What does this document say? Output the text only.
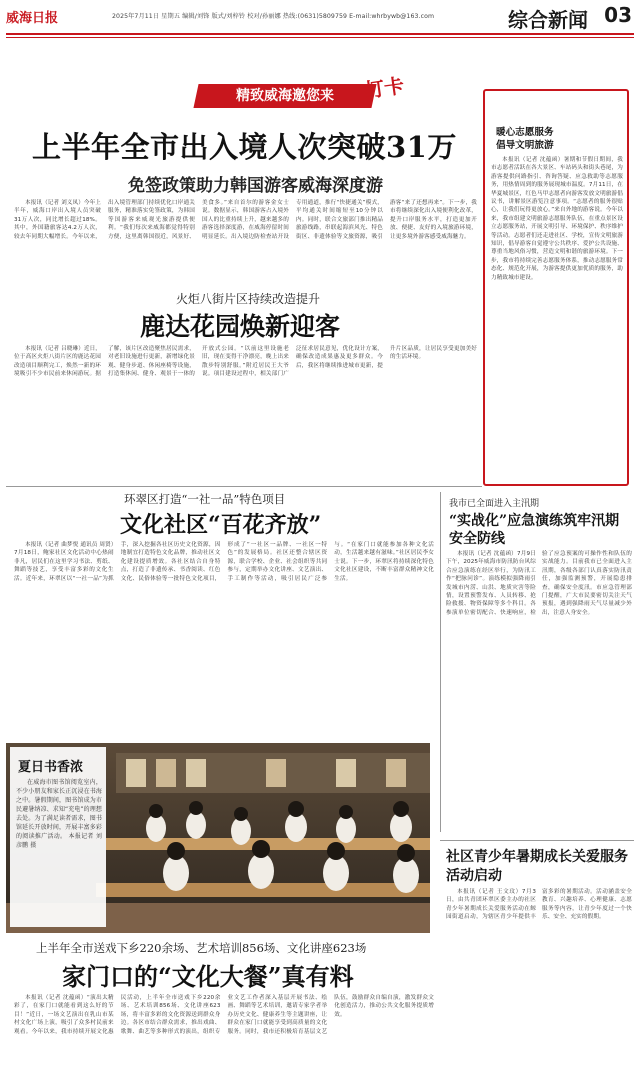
威海日报	2025年7月11日 星期五 编辑/刘锋 版式/刘梓铃 校对/孙丽娜 热线:(0631)5809759 E-mail:whrbywb@163.com	综合新闻 03
精致威海邀您来	打卡
上半年全市出入境人次突破31万
免签政策助力韩国游客威海深度游

本报讯（记者 刘义凤）今年上半年，威海口岸出入境人员突破31万人次，同比增长超过18%。其中，外国籍旅客达4.2万人次，较去年同期大幅增长。今年以来，出入境管理部门持续优化口岸通关服务，精准落实免签政策，为韩国等国游客来威观光旅游提供便利。“我们每次来威海都觉得特别方便，这里离韩国很近，风景好、美食多。”来自首尔的游客金女士说。数据显示，韩国游客占入境外国人的比重持续上升，越来越多的游客选择深度游，在威海停留时间明显延长。出入境边防检查站开设专用通道，推行“快捷通关”模式，平均通关时间缩短至10分钟以内。同时，联合文旅部门推出精品旅游线路，串联起海滨风光、特色街区、非遗体验等文旅资源，吸引游客“来了还想再来”。下一步，我市将继续深化出入境便利化改革，提升口岸服务水平，打造更加开放、便捷、友好的入境旅游环境，让更多境外游客感受威海魅力。

暖心志愿服务
倡导文明旅游

本报讯（记者 沈蕴函）暑期和节假日期间，我市志愿者活跃在各大景区、车站码头和街头巷尾，为游客提供问路指引、咨询答疑、应急救助等志愿服务，用热情周到的服务展现城市温度。7月11日，在华夏城景区，红色马甲志愿者向游客发放文明旅游倡议书，讲解景区游览注意事项。“志愿者的服务很贴心，让我们玩得更放心。”来自外地的游客说。今年以来，我市组建文明旅游志愿服务队伍，在重点景区设立志愿服务站，开展文明引导、环境保护、秩序维护等活动。志愿者们还走进社区、学校，宣传文明旅游知识，倡导游客自觉遵守公共秩序、爱护公共设施、尊重当地风俗习惯，营造文明和谐的旅游环境。下一步，我市将持续完善志愿服务体系，推动志愿服务常态化、规范化开展，为游客提供更加优质的服务，助力精致城市建设。

火炬八街片区持续改造提升
鹿达花园焕新迎客

本报讯（记者 吕晓琳）近日，位于高区火炬八街片区的鹿达花园改造项目顺利完工，焕然一新的环境吸引不少市民前来休闲游玩。据了解，该片区改造聚焦居民需求，对老旧设施进行更新，新增绿化景观、健身步道、休闲座椅等设施，打造集休闲、健身、观景于一体的开放式公园。“以前这里设施老旧，现在变得干净漂亮，晚上出来散步特别舒服。”附近居民王大爷说。项目建设过程中，相关部门广泛征求居民意见，优化设计方案，确保改造成果惠及更多群众。今后，我区将继续推进城市更新，提升片区品质，让居民享受更加美好的生活环境。

环翠区打造“一社一品”特色项目
文化社区“百花齐放”

本报讯（记者 曲梦悦 通讯员 周贤）7月18日，鲍家社区文化活动中心热闹非凡，居民们在这里学习书法、剪纸、舞蹈等技艺，享受丰富多彩的文化生活。近年来，环翠区以“一社一品”为抓手，深入挖掘各社区历史文化资源，因地制宜打造特色文化品牌，推动社区文化建设提质增效。各社区结合自身特点，打造了非遗传承、书香阅读、红色文化、民俗体验等一批特色文化项目，形成了“一社区一品牌、一社区一特色”的发展格局。社区还整合辖区资源，联合学校、企业、社会组织等共同参与，定期举办文化讲座、文艺演出、手工制作等活动，吸引居民广泛参与。“在家门口就能参加各种文化活动，生活越来越有滋味。”社区居民李女士说。下一步，环翠区将持续深化特色文化社区建设，不断丰富群众精神文化生活。

我市已全面进入主汛期
“实战化”应急演练筑牢汛期安全防线

本报讯（记者 沈蕴函）7月9日下午，2025年威海市防汛防台风综合应急演练在经区举行，为防汛工作“把脉问诊”。演练模拟强降雨引发城市内涝、山洪、地质灾害等险情，设置预警发布、人员转移、抢险救援、物资保障等多个科目。各参演单位密切配合、快速响应，检验了应急预案的可操作性和队伍的实战能力。目前我市已全面进入主汛期，各级各部门认真落实防汛责任，加强监测预警，开展隐患排查，确保安全度汛。市应急管理部门提醒，广大市民要密切关注天气预报，遇到强降雨天气尽量减少外出，注意人身安全。

夏日书香浓

在威海市图书馆阅览室内，不少小朋友和家长正沉浸在书海之中。暑假期间，图书馆成为市民避暑纳凉、求知“充电”的理想去处。为了满足读者需求，图书馆延长开放时间，开展丰富多彩的阅读推广活动。 本报记者 刘彦鹏 摄

社区青少年暑期成长关爱服务活动启动

本报讯（记者 王文玟）7月3日，由共青团环翠区委主办的社区青少年暑期成长关爱服务活动在鲸园街道启动，为辖区青少年提供丰富多彩的暑期活动。活动涵盖安全教育、兴趣培养、心理健康、志愿服务等内容，让青少年度过一个快乐、安全、充实的假期。

上半年全市送戏下乡220余场、艺术培训856场、文化讲座623场
家门口的“文化大餐”真有料

本报讯（记者 沈蕴函）“演出太精彩了，在家门口就能看到这么好的节目！”近日，一场文艺演出在乳山市某村文化广场上演，吸引了众多村民前来观看。今年以来，我市持续开展文化惠民活动，上半年全市送戏下乡220余场、艺术培训856场、文化讲座623场，将丰富多彩的文化资源送到群众身边。各区市结合群众需求，推出戏曲、歌舞、曲艺等多种形式的演出，组织专业文艺工作者深入基层开展书法、绘画、舞蹈等艺术培训，邀请专家学者举办历史文化、健康养生等主题讲座，让群众在家门口就能享受到高质量的文化服务。同时，我市还积极培育基层文艺队伍，鼓励群众自编自演，激发群众文化创造活力，推动公共文化服务提质增效。
